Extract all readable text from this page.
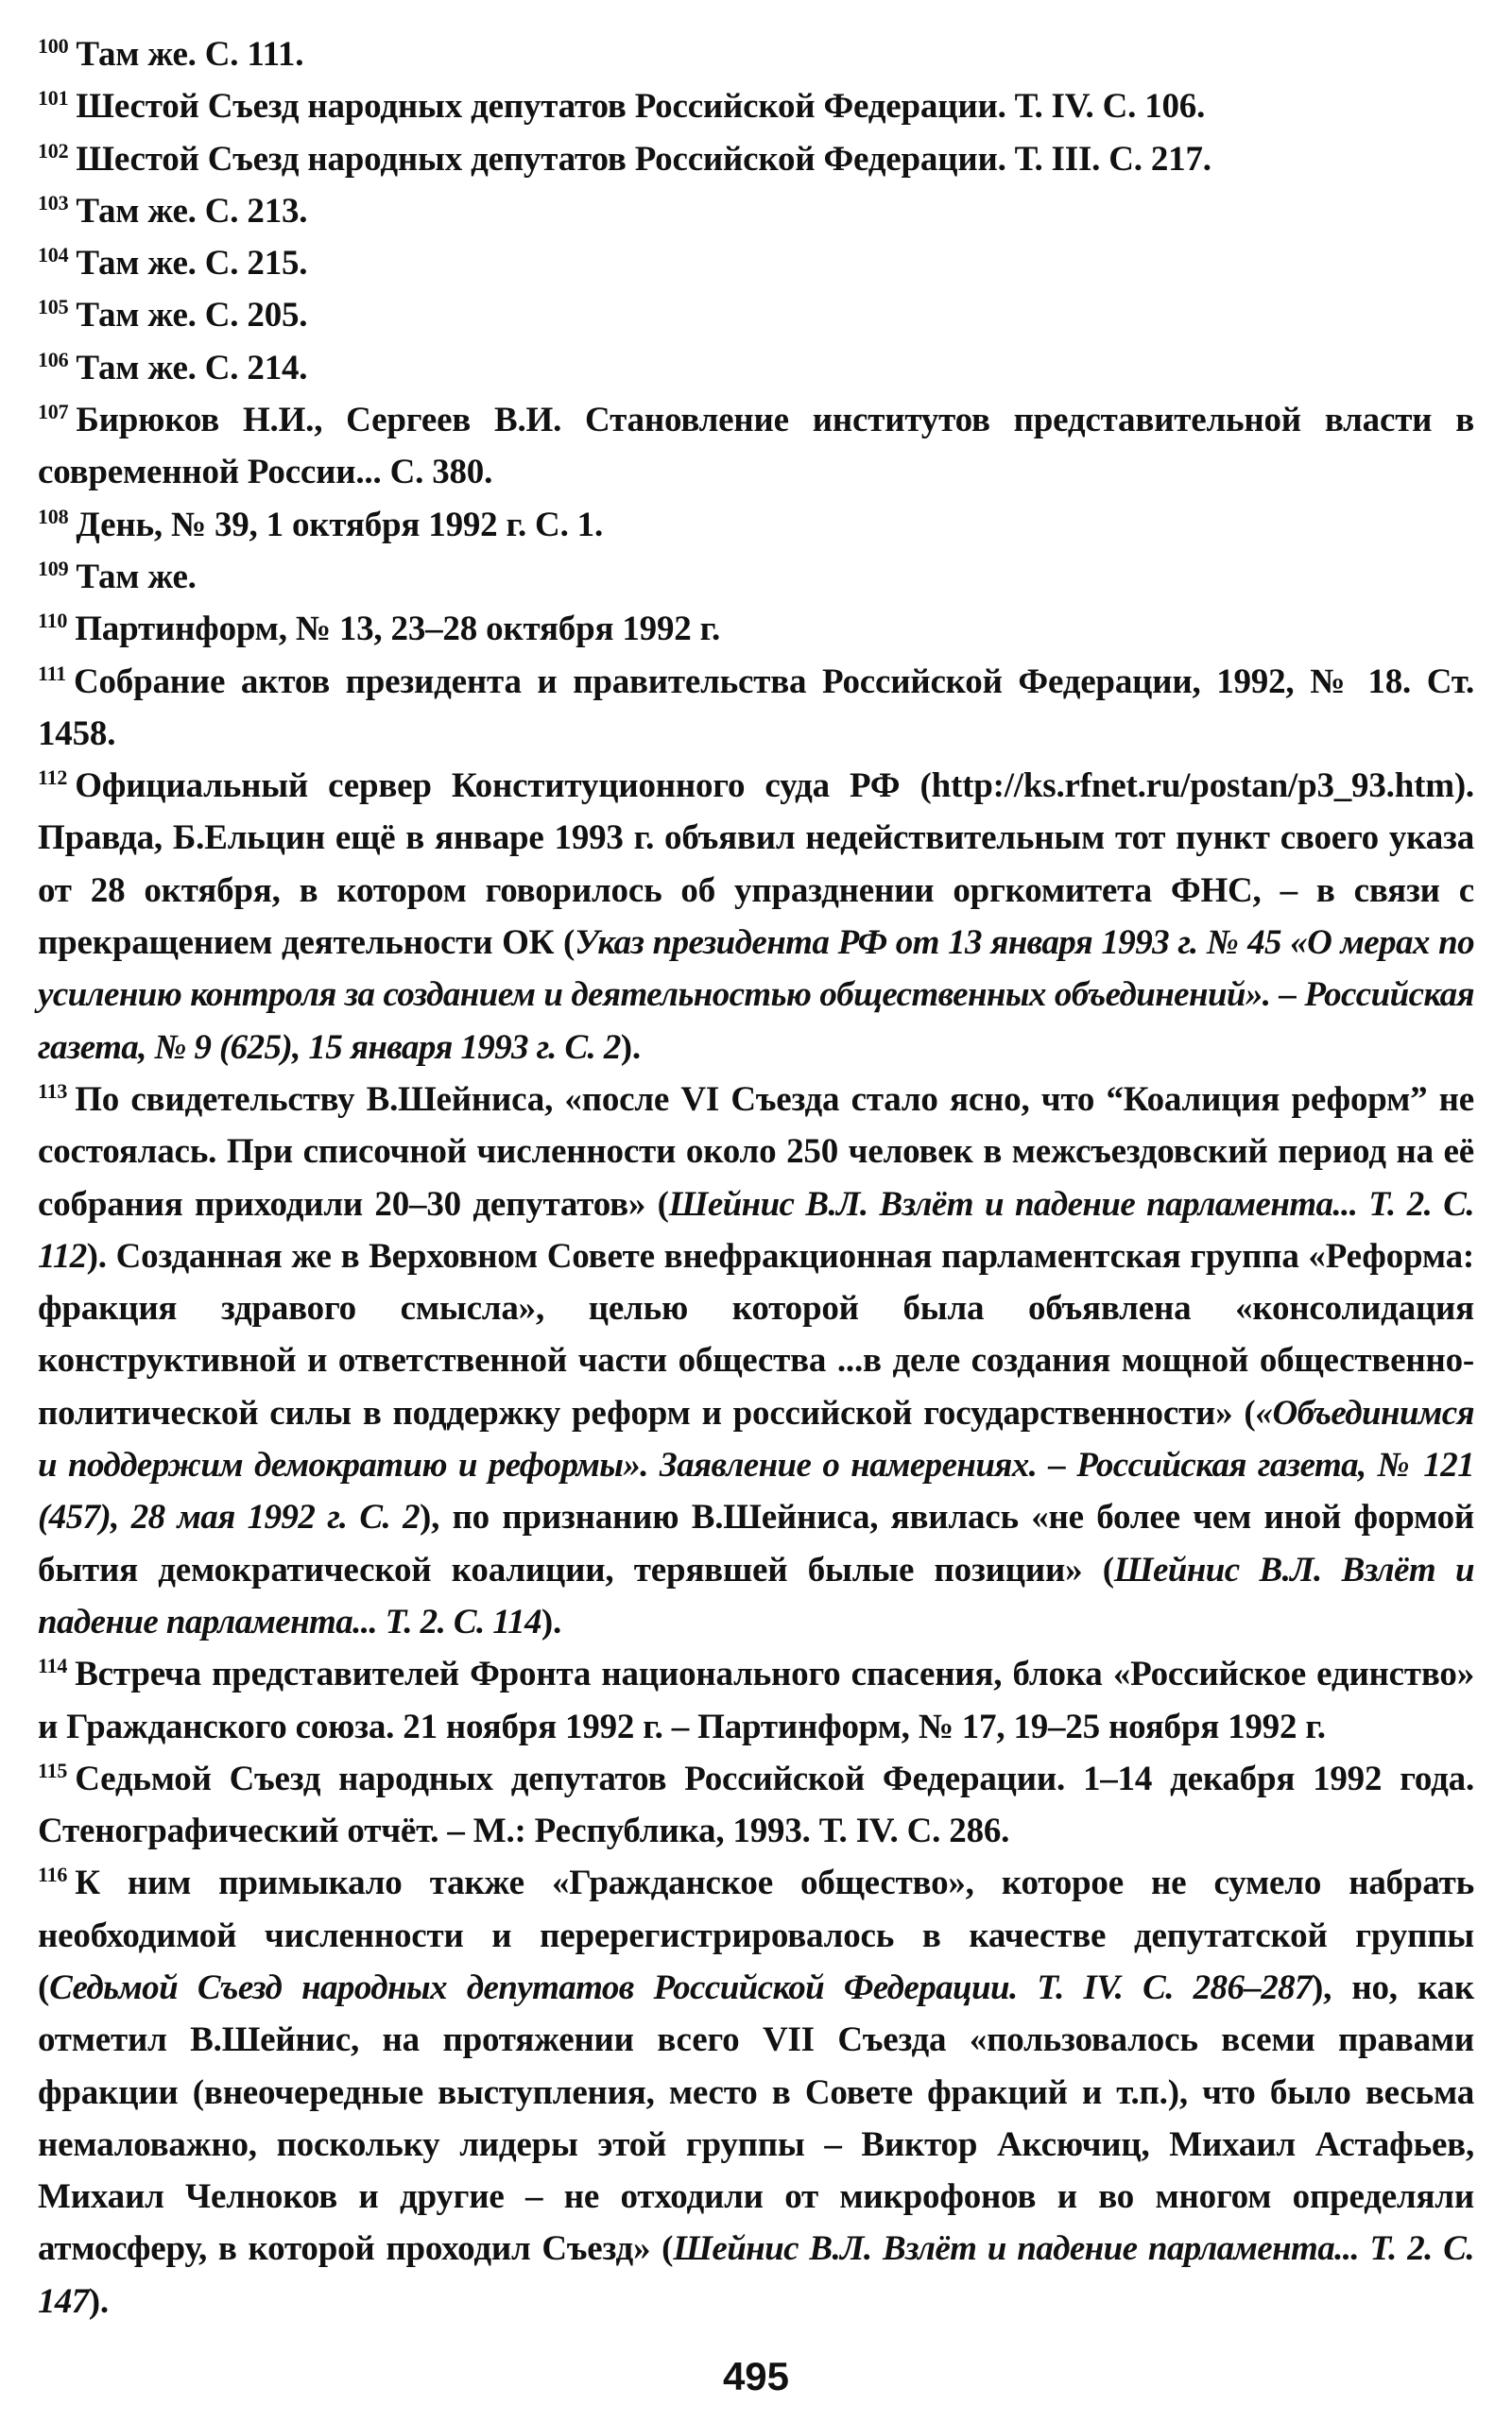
$^{100}$ Там же. С. 111.

$^{101}$ Шестой Съезд народных депутатов Российской Федерации. Т. IV. С. 106.

$^{102}$ Шестой Съезд народных депутатов Российской Федерации. Т. III. С. 217.

$^{103}$ Там же. С. 213.

$^{104}$ Там же. С. 215.

$^{105}$ Там же. С. 205.

$^{106}$ Там же. С. 214.

$^{107}$ Бирюков Н.И., Сергеев В.И. Становление институтов представительной власти в современной России... С. 380.

$^{108}$ День, № 39, 1 октября 1992 г. С. 1.

$^{109}$ Там же.

$^{110}$ Партинформ, № 13, 23–28 октября 1992 г.

$^{111}$ Собрание актов президента и правительства Российской Федерации, 1992, № 18. Ст. 1458.

$^{112}$ Официальный сервер Конституционного суда РФ (http://ks.rfnet.ru/postan/p3_93.htm). Правда, Б.Ельцин ещё в январе 1993 г. объявил недействительным тот пункт своего указа от 28 октября, в котором говорилось об упразднении оргкомитета ФНС, – в связи с прекращением деятельности ОК (Указ президента РФ от 13 января 1993 г. № 45 «О мерах по усилению контроля за созданием и деятельностью общественных объединений». – Российская газета, № 9 (625), 15 января 1993 г. С. 2).

$^{113}$ По свидетельству В.Шейниса, «после VI Съезда стало ясно, что “Коалиция реформ” не состоялась. При списочной численности около 250 человек в межсъездовский период на её собрания приходили 20–30 депутатов» (Шейнис В.Л. Взлёт и падение парламента... Т. 2. С. 112). Созданная же в Верховном Совете внефракционная парламентская группа «Реформа: фракция здравого смысла», целью которой была объявлена «консолидация конструктивной и ответственной части общества ...в деле создания мощной общественно-политической силы в поддержку реформ и российской государственности» («Объединимся и поддержим демократию и реформы». Заявление о намерениях. – Российская газета, № 121 (457), 28 мая 1992 г. С. 2), по признанию В.Шейниса, явилась «не более чем иной формой бытия демократической коалиции, терявшей былые позиции» (Шейнис В.Л. Взлёт и падение парламента... Т. 2. С. 114).

$^{114}$ Встреча представителей Фронта национального спасения, блока «Российское единство» и Гражданского союза. 21 ноября 1992 г. – Партинформ, № 17, 19–25 ноября 1992 г.

$^{115}$ Седьмой Съезд народных депутатов Российской Федерации. 1–14 декабря 1992 года. Стенографический отчёт. – М.: Республика, 1993. Т. IV. С. 286.

$^{116}$ К ним примыкало также «Гражданское общество», которое не сумело набрать необходимой численности и перерегистрировалось в качестве депутатской группы (Седьмой Съезд народных депутатов Российской Федерации. Т. IV. С. 286–287), но, как отметил В.Шейнис, на протяжении всего VII Съезда «пользовалось всеми правами фракции (внеочередные выступления, место в Совете фракций и т.п.), что было весьма немаловажно, поскольку лидеры этой группы – Виктор Аксючиц, Михаил Астафьев, Михаил Челноков и другие – не отходили от микрофонов и во многом определяли атмосферу, в которой проходил Съезд» (Шейнис В.Л. Взлёт и падение парламента... Т. 2. С. 147).

495
